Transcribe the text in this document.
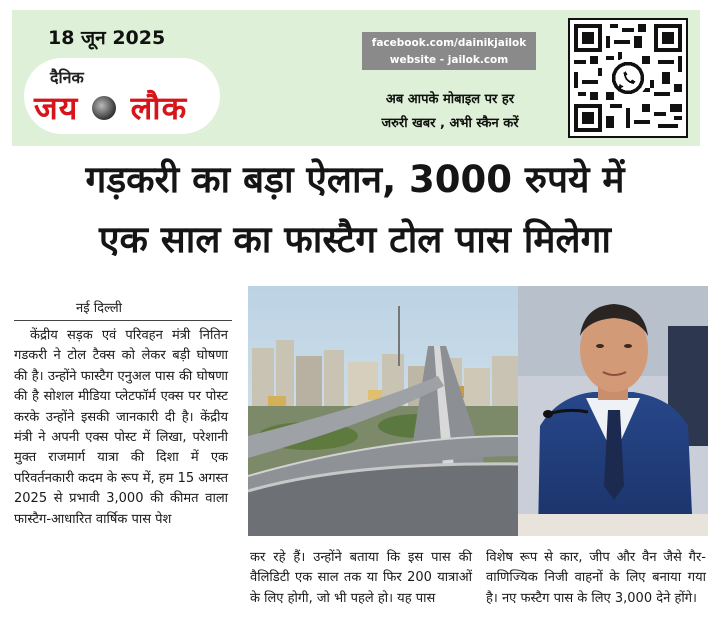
18 जून 2025
दैनिक
जय लौक
facebook.com/dainikjailok
website - jailok.com
अब आपके मोबाइल पर हर
जरुरी खबर , अभी स्कैन करें
गड़करी का बड़ा ऐलान, 3000 रुपये में
एक साल का फास्टैग टोल पास मिलेगा
नई दिल्ली
केंद्रीय सड़क एवं परिवहन मंत्री नितिन गडकरी ने टोल टैक्स को लेकर बड़ी घोषणा की है। उन्होंने फास्टैग एनुअल पास की घोषणा की है सोशल मीडिया प्लेटफॉर्म एक्स पर पोस्ट करके उन्होंने इसकी जानकारी दी है। केंद्रीय मंत्री ने अपनी एक्स पोस्ट में लिखा, परेशानी मुक्त राजमार्ग यात्रा की दिशा में एक परिवर्तनकारी कदम के रूप में, हम 15 अगस्त 2025 से प्रभावी 3,000 की कीमत वाला फास्टैग-आधारित वार्षिक पास पेश
कर रहे हैं। उन्होंने बताया कि इस पास की वैलिडिटी एक साल तक या फिर 200 यात्राओं के लिए होगी, जो भी पहले हो। यह पास
विशेष रूप से कार, जीप और वैन जैसे गैर-वाणिज्यिक निजी वाहनों के लिए बनाया गया है। नए फस्टैग पास के लिए 3,000 देने होंगे।
